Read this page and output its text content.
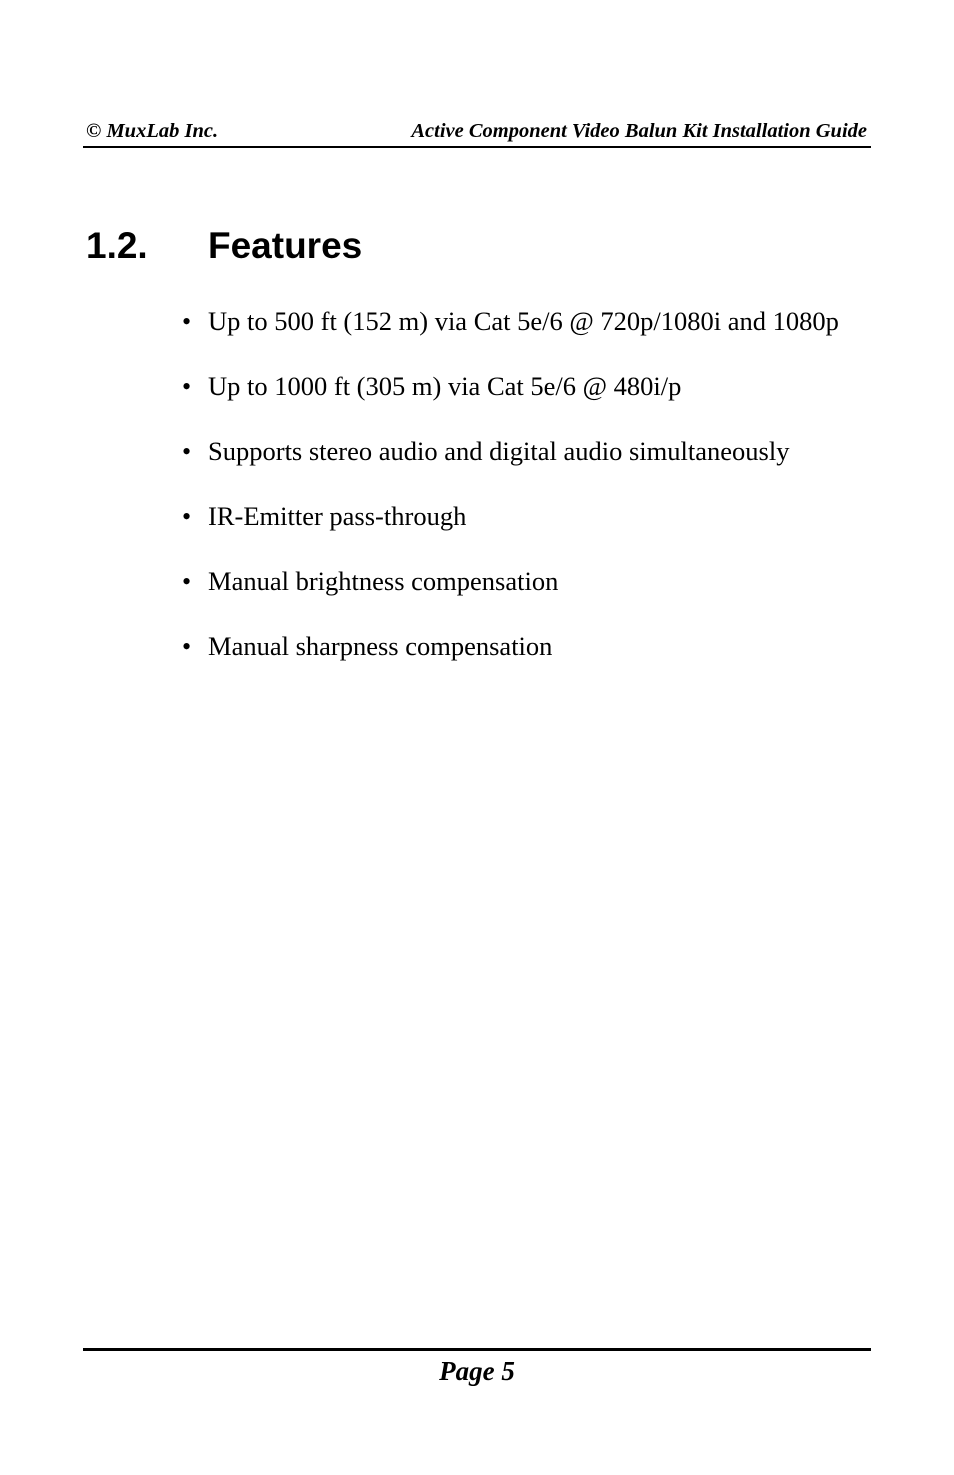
© MuxLab Inc.	Active Component Video Balun Kit Installation Guide
1.2. Features
• Up to 500 ft (152 m) via Cat 5e/6 @ 720p/1080i and 1080p
• Up to 1000 ft (305 m) via Cat 5e/6 @ 480i/p
• Supports stereo audio and digital audio simultaneously
• IR-Emitter pass-through
• Manual brightness compensation
• Manual sharpness compensation
Page 5
